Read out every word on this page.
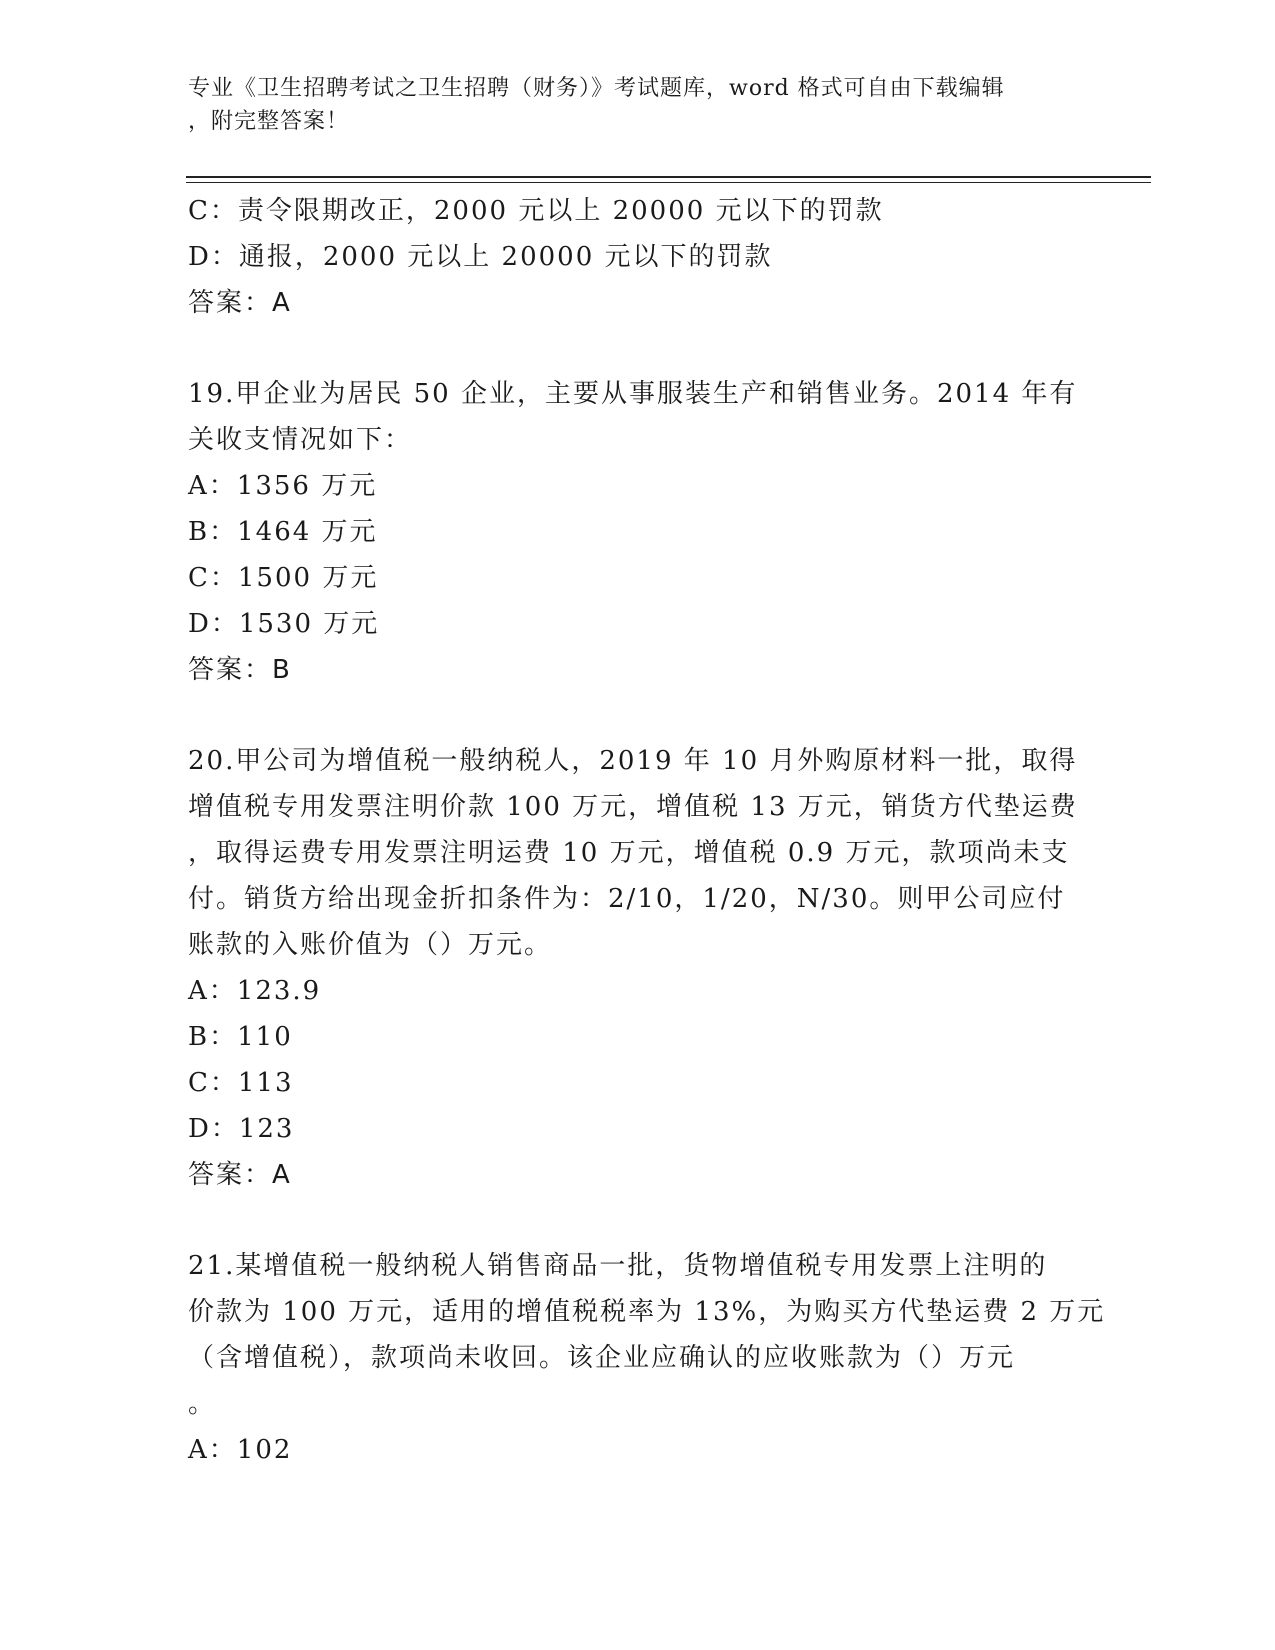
专业《卫生招聘考试之卫生招聘（财务）》考试题库，word 格式可自由下载编辑
，附完整答案！
C：责令限期改正，2000 元以上 20000 元以下的罚款
D：通报，2000 元以上 20000 元以下的罚款
答案：A
19.甲企业为居民 50 企业，主要从事服装生产和销售业务。2014 年有
关收支情况如下：
A：1356 万元
B：1464 万元
C：1500 万元
D：1530 万元
答案：B
20.甲公司为增值税一般纳税人，2019 年 10 月外购原材料一批，取得
增值税专用发票注明价款 100 万元，增值税 13 万元，销货方代垫运费
，取得运费专用发票注明运费 10 万元，增值税 0.9 万元，款项尚未支
付。销货方给出现金折扣条件为：2/10，1/20，N/30。则甲公司应付
账款的入账价值为（）万元。
A：123.9
B：110
C：113
D：123
答案：A
21.某增值税一般纳税人销售商品一批，货物增值税专用发票上注明的
价款为 100 万元，适用的增值税税率为 13%，为购买方代垫运费 2 万元
（含增值税），款项尚未收回。该企业应确认的应收账款为（）万元
。
A：102
